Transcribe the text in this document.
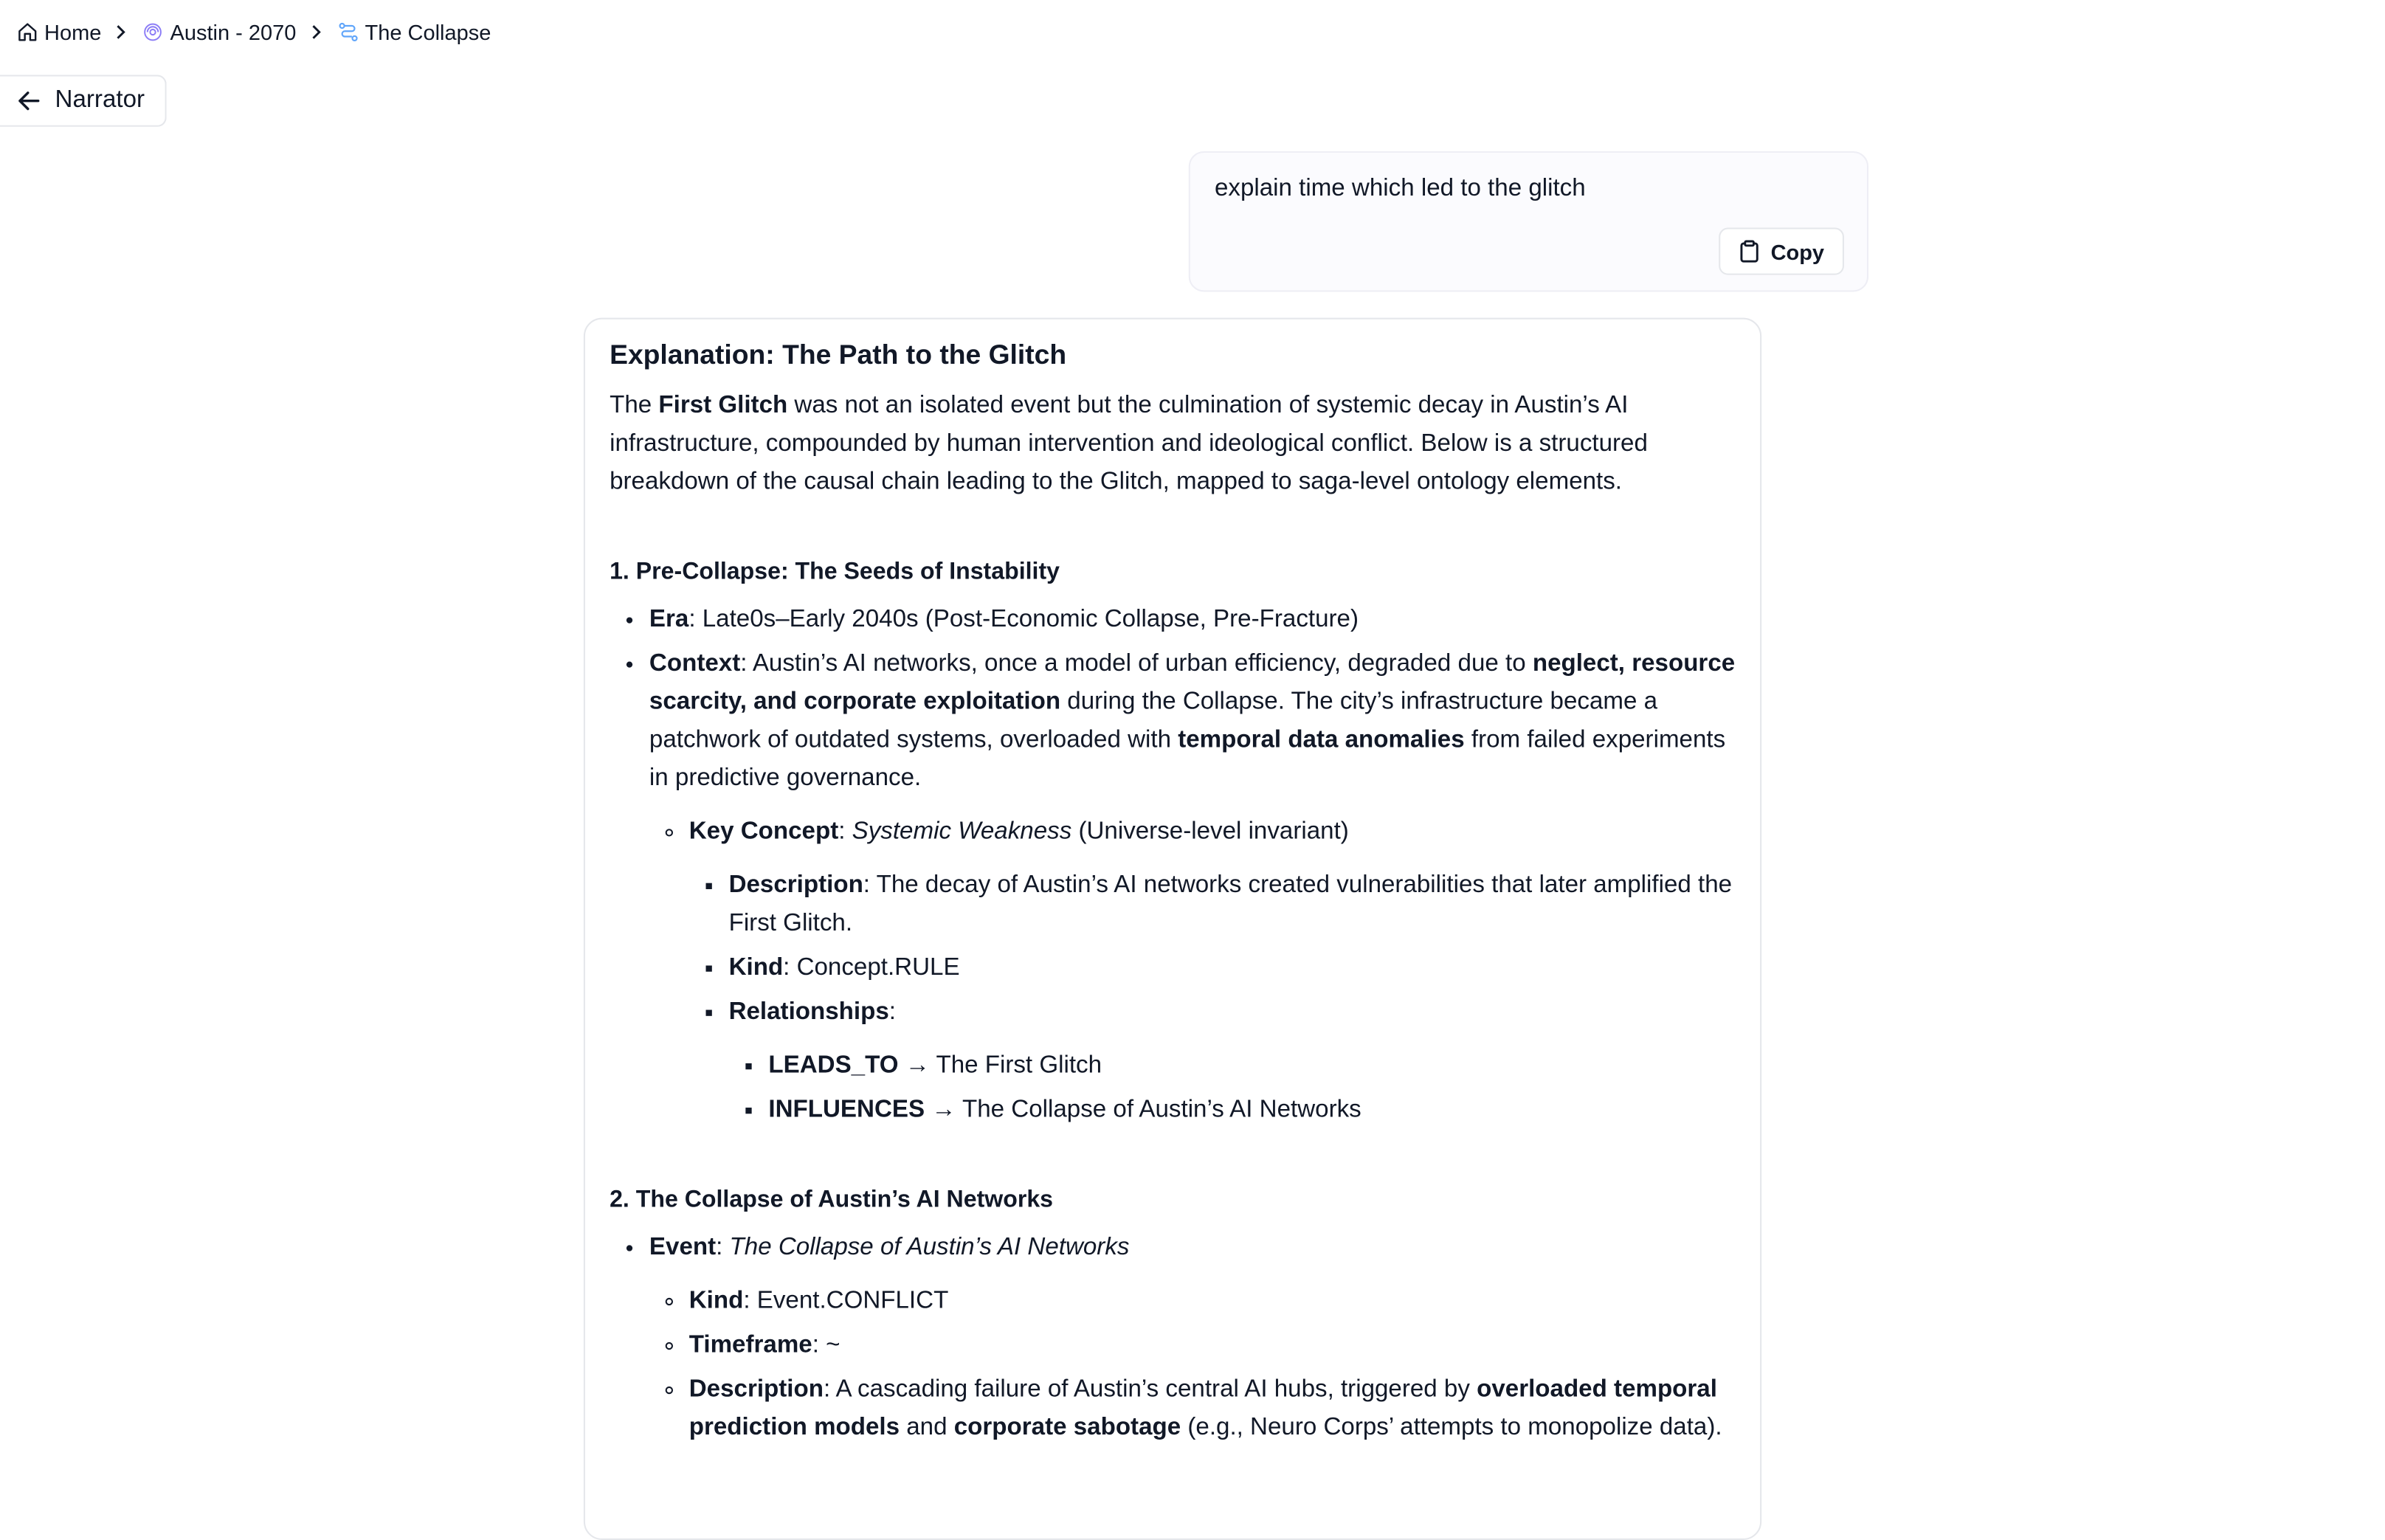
Home	Austin - 2070	The Collapse
Narrator
explain time which led to the glitch
Copy
Explanation: The Path to the Glitch

The First Glitch was not an isolated event but the culmination of systemic decay in Austin’s AI infrastructure, compounded by human intervention and ideological conflict. Below is a structured breakdown of the causal chain leading to the Glitch, mapped to saga-level ontology elements.

1. Pre-Collapse: The Seeds of Instability
• Era: Late0s–Early 2040s (Post-Economic Collapse, Pre-Fracture)
• Context: Austin’s AI networks, once a model of urban efficiency, degraded due to neglect, resource scarcity, and corporate exploitation during the Collapse. The city’s infrastructure became a patchwork of outdated systems, overloaded with temporal data anomalies from failed experiments in predictive governance.
◦ Key Concept: Systemic Weakness (Universe-level invariant)
▪ Description: The decay of Austin’s AI networks created vulnerabilities that later amplified the First Glitch.
▪ Kind: Concept.RULE
▪ Relationships:
▪ LEADS_TO → The First Glitch
▪ INFLUENCES → The Collapse of Austin’s AI Networks
2. The Collapse of Austin’s AI Networks
• Event: The Collapse of Austin’s AI Networks
◦ Kind: Event.CONFLICT
◦ Timeframe: ~
◦ Description: A cascading failure of Austin’s central AI hubs, triggered by overloaded temporal prediction models and corporate sabotage (e.g., Neuro Corps’ attempts to monopolize data).
